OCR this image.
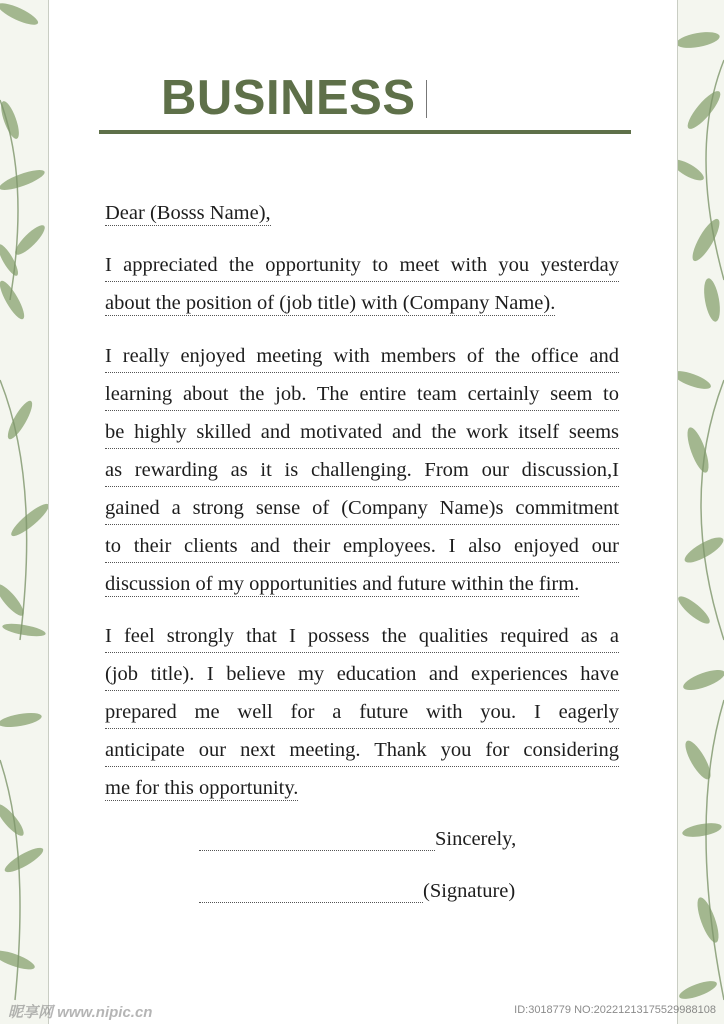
BUSINESS
Dear (Bosss Name),
I appreciated the opportunity to meet with you yesterday
about the position of (job title) with (Company Name).
I really enjoyed meeting with members of the office and
learning about the job. The entire team certainly seem to
be highly skilled and motivated and the work itself seems
as rewarding as it is challenging. From our discussion,I
gained a strong sense of (Company Name)s commitment
to their clients and their employees. I also enjoyed our
discussion of my opportunities and future within the firm.
I feel strongly that I possess the qualities required as a
(job title). I believe my education and experiences have
prepared me well for a future with you. I eagerly
anticipate our next meeting. Thank you for considering
me for this opportunity.
Sincerely,
(Signature)
昵享网 www.nipic.cn	ID:3018779 NO:20221213175529988108
